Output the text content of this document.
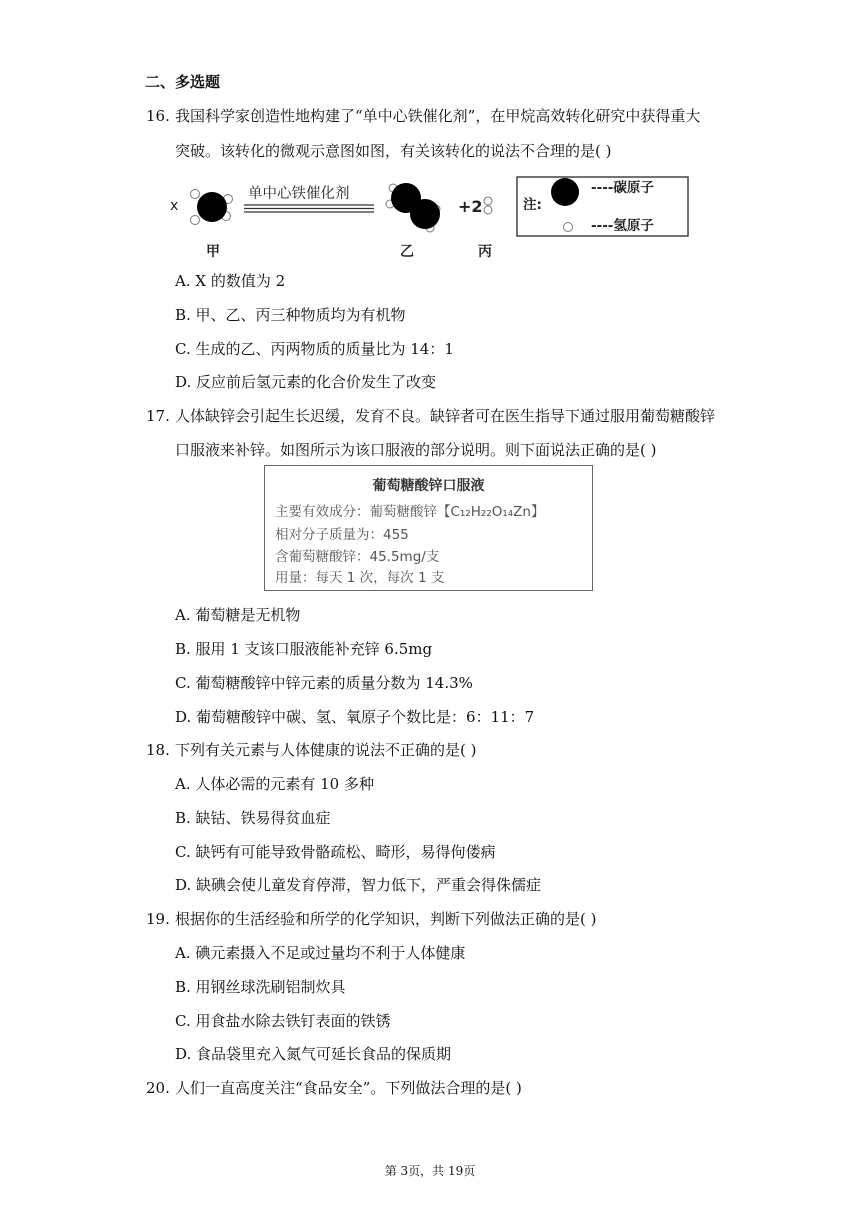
二、多选题
16. 我国科学家创造性地构建了“单中心铁催化剂”，在甲烷高效转化研究中获得重大
突破。该转化的微观示意图如图，有关该转化的说法不合理的是( )
x
单中心铁催化剂
+2
甲	乙	丙
注:
----碳原子
----氢原子
A. X 的数值为 2
B. 甲、乙、丙三种物质均为有机物
C. 生成的乙、丙两物质的质量比为 14：1
D. 反应前后氢元素的化合价发生了改变
17. 人体缺锌会引起生长迟缓，发育不良。缺锌者可在医生指导下通过服用葡萄糖酸锌
口服液来补锌。如图所示为该口服液的部分说明。则下面说法正确的是( )
葡萄糖酸锌口服液
主要有效成分：葡萄糖酸锌【C₁₂H₂₂O₁₄Zn】
相对分子质量为：455
含葡萄糖酸锌：45.5mg/支
用量：每天 1 次，每次 1 支
A. 葡萄糖是无机物
B. 服用 1 支该口服液能补充锌 6.5mg
C. 葡萄糖酸锌中锌元素的质量分数为 14.3%
D. 葡萄糖酸锌中碳、氢、氧原子个数比是：6：11：7
18. 下列有关元素与人体健康的说法不正确的是( )
A. 人体必需的元素有 10 多种
B. 缺钴、铁易得贫血症
C. 缺钙有可能导致骨骼疏松、畸形，易得佝偻病
D. 缺碘会使儿童发育停滞，智力低下，严重会得侏儒症
19. 根据你的生活经验和所学的化学知识，判断下列做法正确的是( )
A. 碘元素摄入不足或过量均不利于人体健康
B. 用钢丝球洗刷铝制炊具
C. 用食盐水除去铁钉表面的铁锈
D. 食品袋里充入氮气可延长食品的保质期
20. 人们一直高度关注“食品安全”。下列做法合理的是( )
第 3页，共 19页
